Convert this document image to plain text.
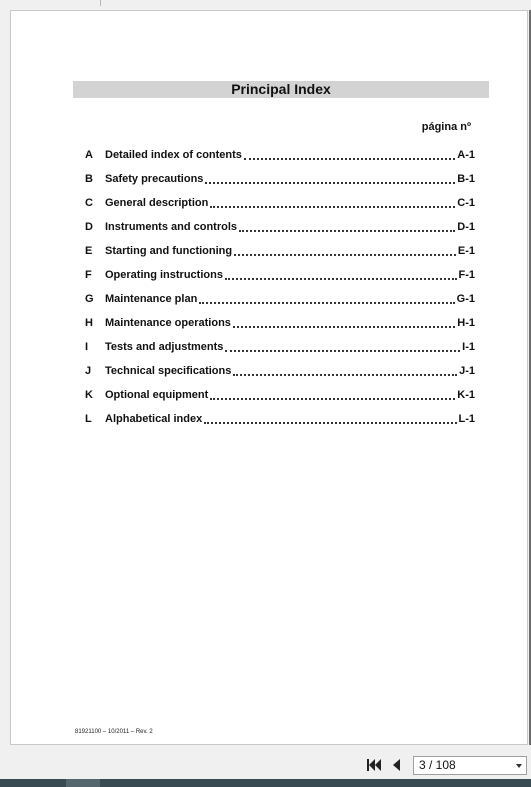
Principal Index
página nº
A	Detailed index of contents	A-1
B	Safety precautions	B-1
C	General description	C-1
D	Instruments and controls	D-1
E	Starting and functioning	E-1
F	Operating instructions	F-1
G	Maintenance plan	G-1
H	Maintenance operations	H-1
I	Tests and adjustments	I-1
J	Technical specifications	J-1
K	Optional equipment	K-1
L	Alphabetical index	L-1
81921100 – 10/2011 – Rev. 2
3 / 108
